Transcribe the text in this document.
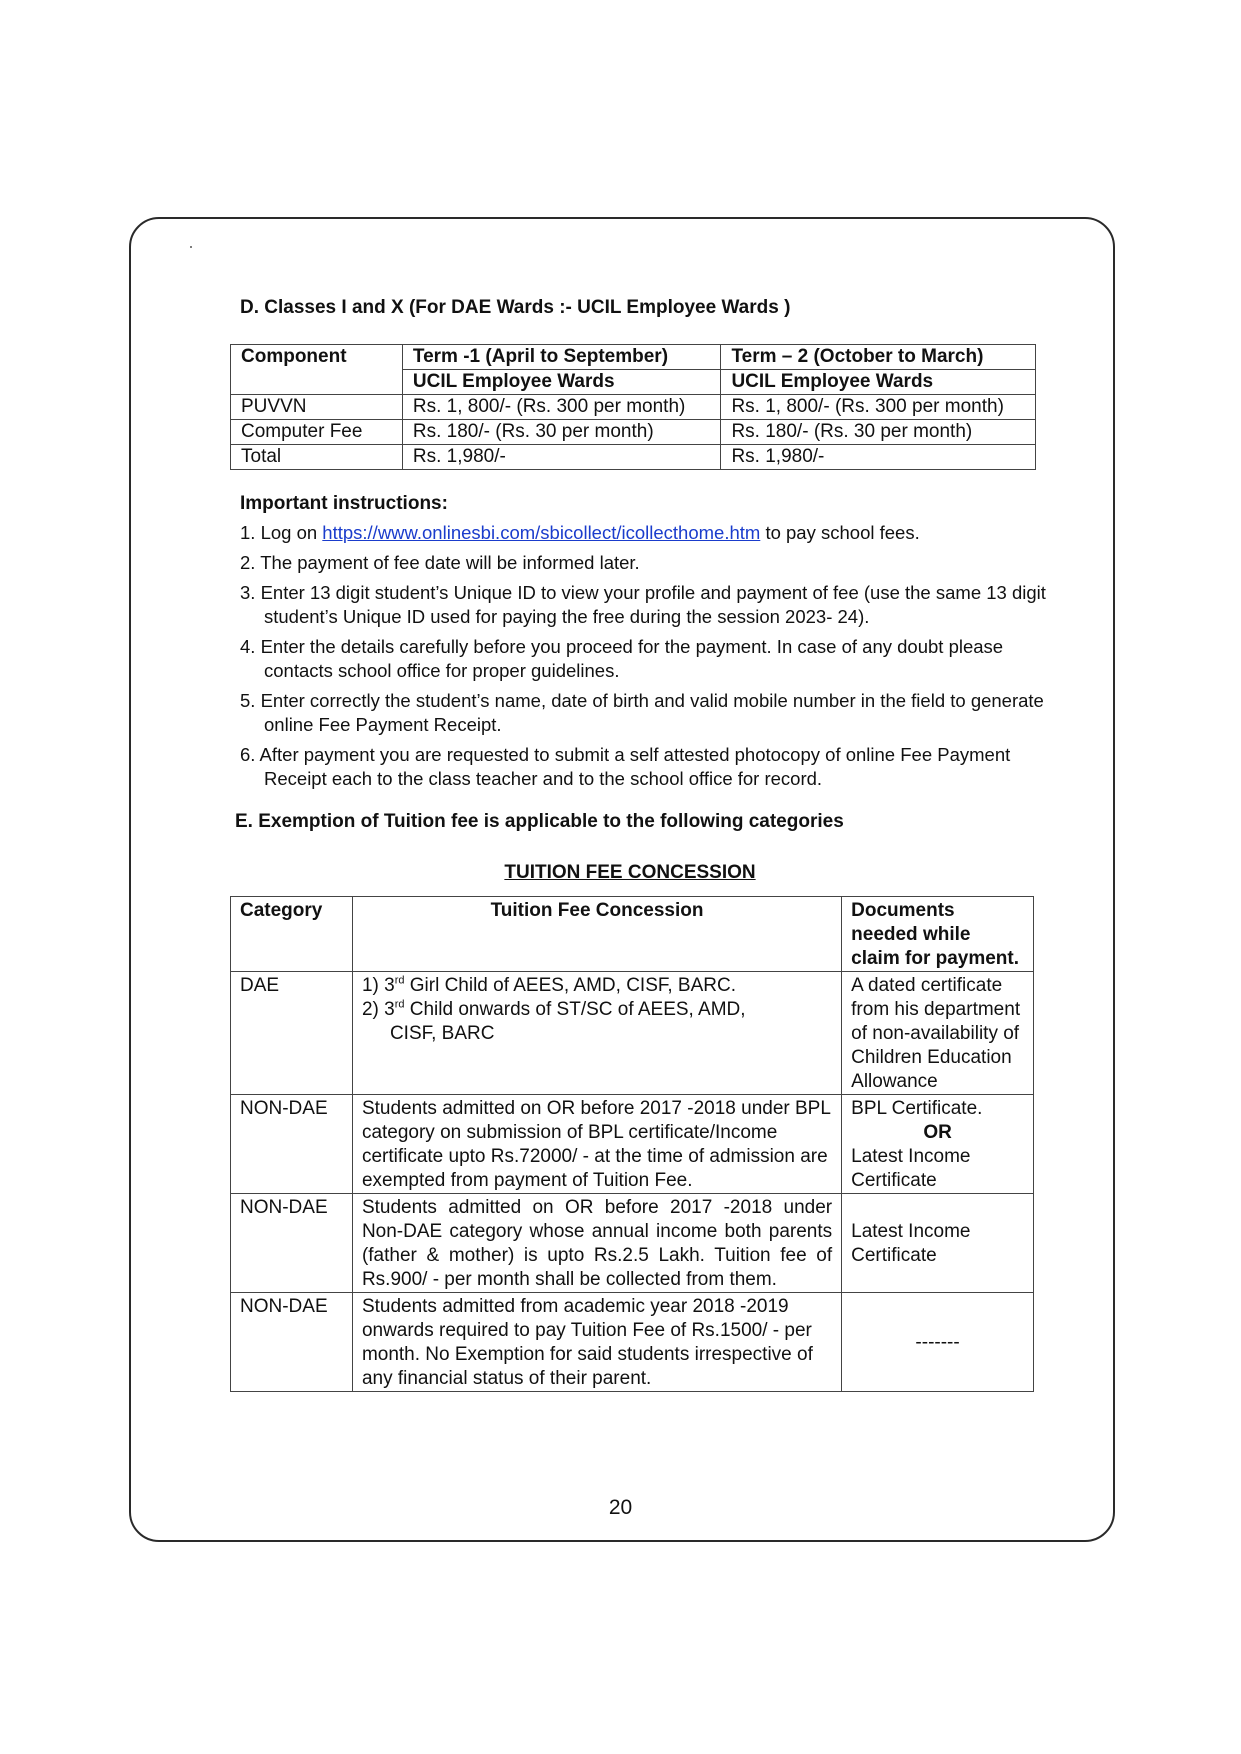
D. Classes I and X (For DAE Wards :- UCIL Employee Wards )

Component	Term -1 (April to September)	Term – 2 (October to March)
	UCIL Employee Wards	UCIL Employee Wards
PUVVN	Rs. 1, 800/- (Rs. 300 per month)	Rs. 1, 800/- (Rs. 300 per month)
Computer Fee	Rs. 180/- (Rs. 30 per month)	Rs. 180/- (Rs. 30 per month)
Total	Rs. 1,980/-	Rs. 1,980/-

Important instructions:

1. Log on https://www.onlinesbi.com/sbicollect/icollecthome.htm to pay school fees.
2. The payment of fee date will be informed later.
3. Enter 13 digit student’s Unique ID to view your profile and payment of fee (use the same 13 digit student’s Unique ID used for paying the free during the session 2023- 24).
4. Enter the details carefully before you proceed for the payment. In case of any doubt please contacts school office for proper guidelines.
5. Enter correctly the student’s name, date of birth and valid mobile number in the field to generate online Fee Payment Receipt.
6. After payment you are requested to submit a self attested photocopy of online Fee Payment Receipt each to the class teacher and to the school office for record.

E. Exemption of Tuition fee is applicable to the following categories

TUITION FEE CONCESSION
Category	Tuition Fee Concession	Documents needed while claim for payment.
DAE	1) 3rd Girl Child of AEES, AMD, CISF, BARC.
2) 3rd Child onwards of ST/SC of AEES, AMD,
CISF, BARC	A dated certificate from his department of non-availability of Children Education Allowance
NON-DAE	Students admitted on OR before 2017 -2018 under BPL category on submission of BPL certificate/Income certificate upto Rs.72000/ - at the time of admission are exempted from payment of Tuition Fee.	BPL Certificate.
OR
Latest Income Certificate

NON-DAE	Students admitted on OR before 2017 -2018 under Non-DAE category whose annual income both parents (father & mother) is upto Rs.2.5 Lakh. Tuition fee of Rs.900/ - per month shall be collected from them.	Latest Income Certificate
NON-DAE	Students admitted from academic year 2018 -2019 onwards required to pay Tuition Fee of Rs.1500/ - per month. No Exemption for said students irrespective of any financial status of their parent.	-------
20
